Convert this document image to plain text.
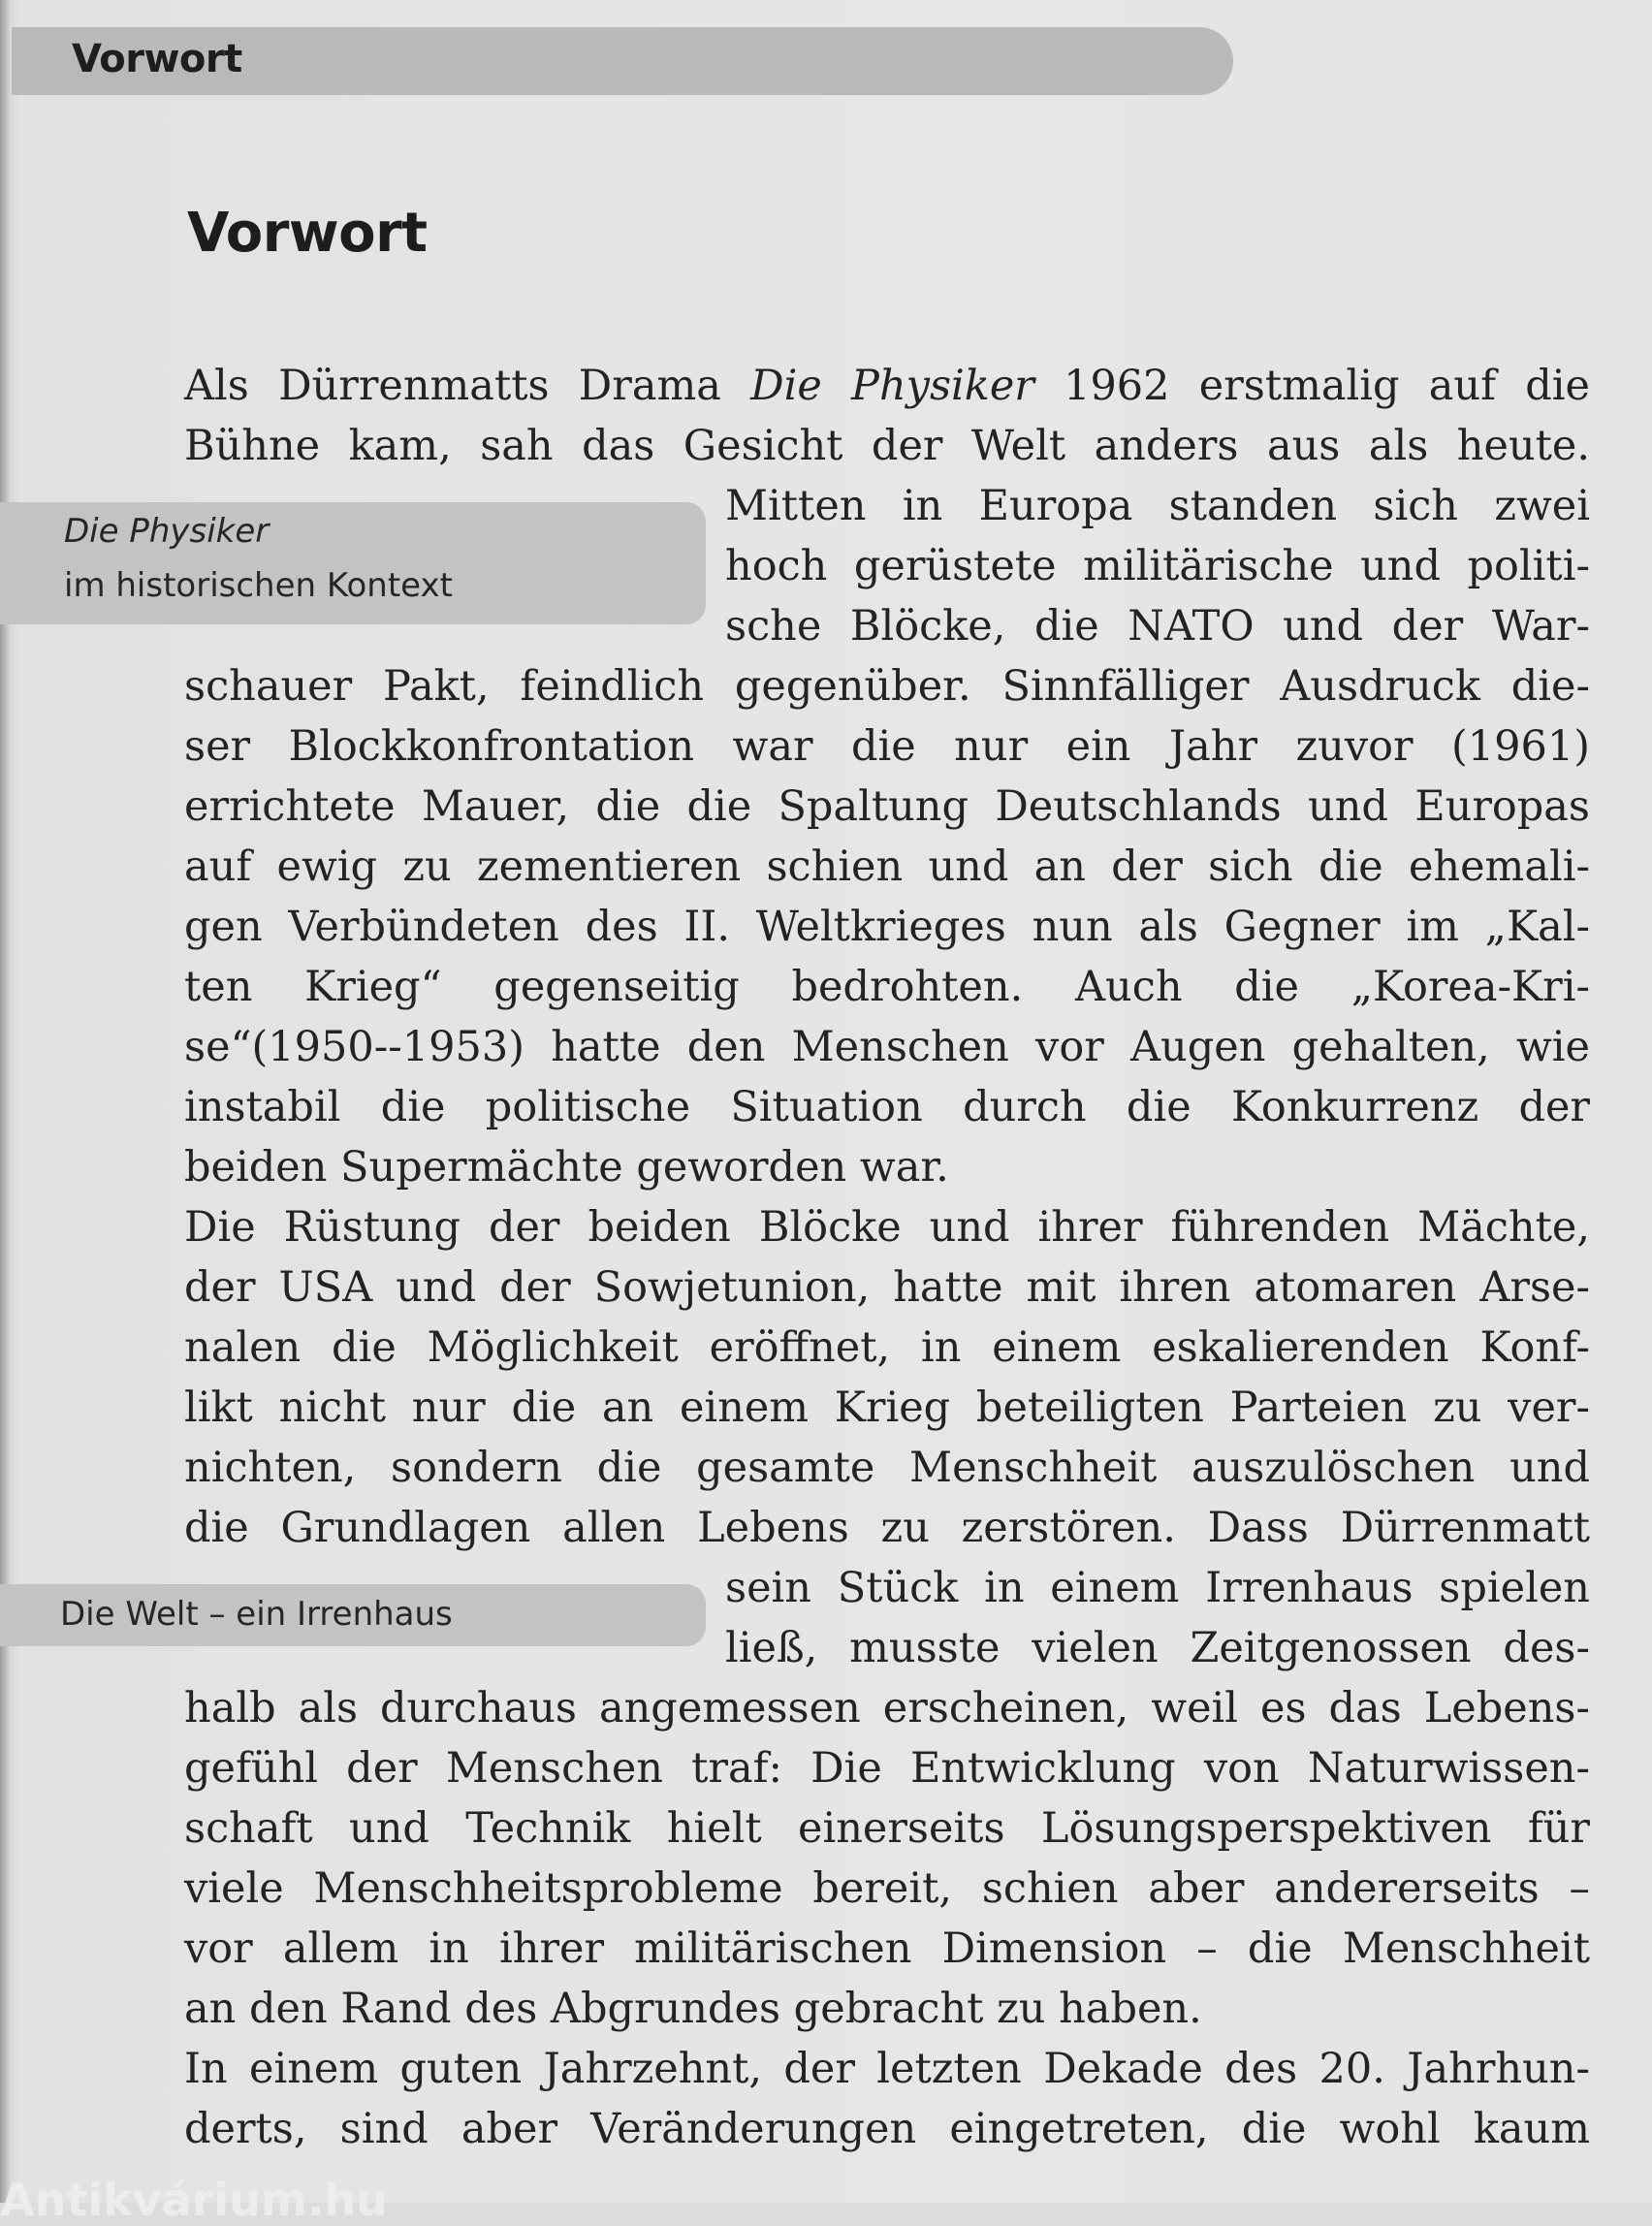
Vorwort
Vorwort
Die Physiker
im historischen Kontext
Die Welt – ein Irrenhaus
Als Dürrenmatts Drama Die Physiker 1962 erstmalig auf die
Bühne kam, sah das Gesicht der Welt anders aus als heute.
Mitten in Europa standen sich zwei
hoch gerüstete militärische und politi-
sche Blöcke, die NATO und der War-
schauer Pakt, feindlich gegenüber. Sinnfälliger Ausdruck die-
ser Blockkonfrontation war die nur ein Jahr zuvor (1961)
errichtete Mauer, die die Spaltung Deutschlands und Europas
auf ewig zu zementieren schien und an der sich die ehemali-
gen Verbündeten des II. Weltkrieges nun als Gegner im „Kal-
ten Krieg“ gegenseitig bedrohten. Auch die „Korea-Kri-
se“(1950--1953) hatte den Menschen vor Augen gehalten, wie
instabil die politische Situation durch die Konkurrenz der
beiden Supermächte geworden war.
Die Rüstung der beiden Blöcke und ihrer führenden Mächte,
der USA und der Sowjetunion, hatte mit ihren atomaren Arse-
nalen die Möglichkeit eröffnet, in einem eskalierenden Konf-
likt nicht nur die an einem Krieg beteiligten Parteien zu ver-
nichten, sondern die gesamte Menschheit auszulöschen und
die Grundlagen allen Lebens zu zerstören. Dass Dürrenmatt
sein Stück in einem Irrenhaus spielen
ließ, musste vielen Zeitgenossen des-
halb als durchaus angemessen erscheinen, weil es das Lebens-
gefühl der Menschen traf: Die Entwicklung von Naturwissen-
schaft und Technik hielt einerseits Lösungsperspektiven für
viele Menschheitsprobleme bereit, schien aber andererseits –
vor allem in ihrer militärischen Dimension – die Menschheit
an den Rand des Abgrundes gebracht zu haben.
In einem guten Jahrzehnt, der letzten Dekade des 20. Jahrhun-
derts, sind aber Veränderungen eingetreten, die wohl kaum
Antikvárium.hu
